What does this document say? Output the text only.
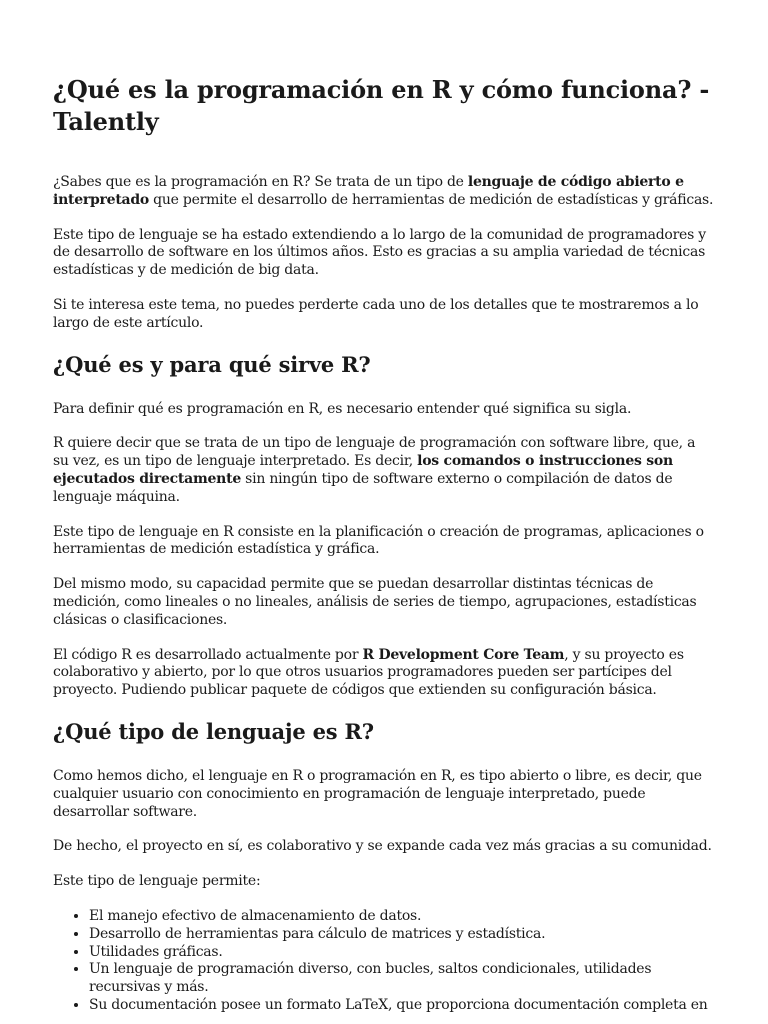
¿Qué es la programación en R y cómo funciona? - Talently

¿Sabes que es la programación en R? Se trata de un tipo de lenguaje de código abierto e interpretado que permite el desarrollo de herramientas de medición de estadísticas y gráficas.

Este tipo de lenguaje se ha estado extendiendo a lo largo de la comunidad de programadores y de desarrollo de software en los últimos años. Esto es gracias a su amplia variedad de técnicas estadísticas y de medición de big data.

Si te interesa este tema, no puedes perderte cada uno de los detalles que te mostraremos a lo largo de este artículo.

¿Qué es y para qué sirve R?

Para definir qué es programación en R, es necesario entender qué significa su sigla.

R quiere decir que se trata de un tipo de lenguaje de programación con software libre, que, a su vez, es un tipo de lenguaje interpretado. Es decir, los comandos o instrucciones son ejecutados directamente sin ningún tipo de software externo o compilación de datos de lenguaje máquina.

Este tipo de lenguaje en R consiste en la planificación o creación de programas, aplicaciones o herramientas de medición estadística y gráfica.

Del mismo modo, su capacidad permite que se puedan desarrollar distintas técnicas de medición, como lineales o no lineales, análisis de series de tiempo, agrupaciones, estadísticas clásicas o clasificaciones.

El código R es desarrollado actualmente por R Development Core Team, y su proyecto es colaborativo y abierto, por lo que otros usuarios programadores pueden ser partícipes del proyecto. Pudiendo publicar paquete de códigos que extienden su configuración básica.

¿Qué tipo de lenguaje es R?

Como hemos dicho, el lenguaje en R o programación en R, es tipo abierto o libre, es decir, que cualquier usuario con conocimiento en programación de lenguaje interpretado, puede desarrollar software.

De hecho, el proyecto en sí, es colaborativo y se expande cada vez más gracias a su comunidad.

Este tipo de lenguaje permite:

• El manejo efectivo de almacenamiento de datos.
• Desarrollo de herramientas para cálculo de matrices y estadística.
• Utilidades gráficas.
• Un lenguaje de programación diverso, con bucles, saltos condicionales, utilidades recursivas y más.
• Su documentación posee un formato LaTeX, que proporciona documentación completa en
